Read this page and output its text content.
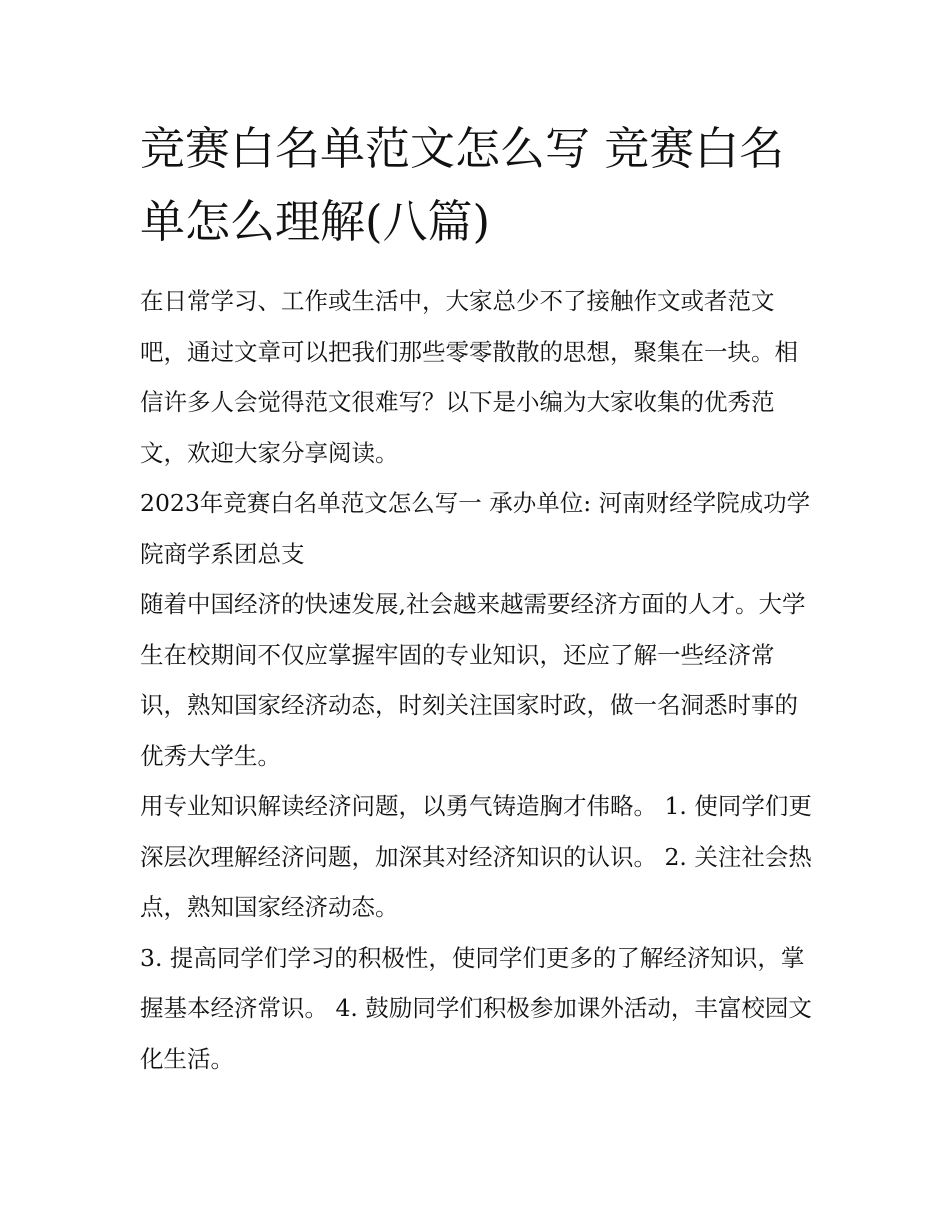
竞赛白名单范文怎么写 竞赛白名单怎么理解(八篇)

在日常学习、工作或生活中，大家总少不了接触作文或者范文吧，通过文章可以把我们那些零零散散的思想，聚集在一块。相信许多人会觉得范文很难写？以下是小编为大家收集的优秀范文，欢迎大家分享阅读。

2023年竞赛白名单范文怎么写一 承办单位: 河南财经学院成功学院商学系团总支

随着中国经济的快速发展,社会越来越需要经济方面的人才。大学生在校期间不仅应掌握牢固的专业知识，还应了解一些经济常识，熟知国家经济动态，时刻关注国家时政，做一名洞悉时事的优秀大学生。

用专业知识解读经济问题，以勇气铸造胸才伟略。 1. 使同学们更深层次理解经济问题，加深其对经济知识的认识。 2. 关注社会热点，熟知国家经济动态。

3. 提高同学们学习的积极性，使同学们更多的了解经济知识，掌握基本经济常识。 4. 鼓励同学们积极参加课外活动，丰富校园文化生活。
